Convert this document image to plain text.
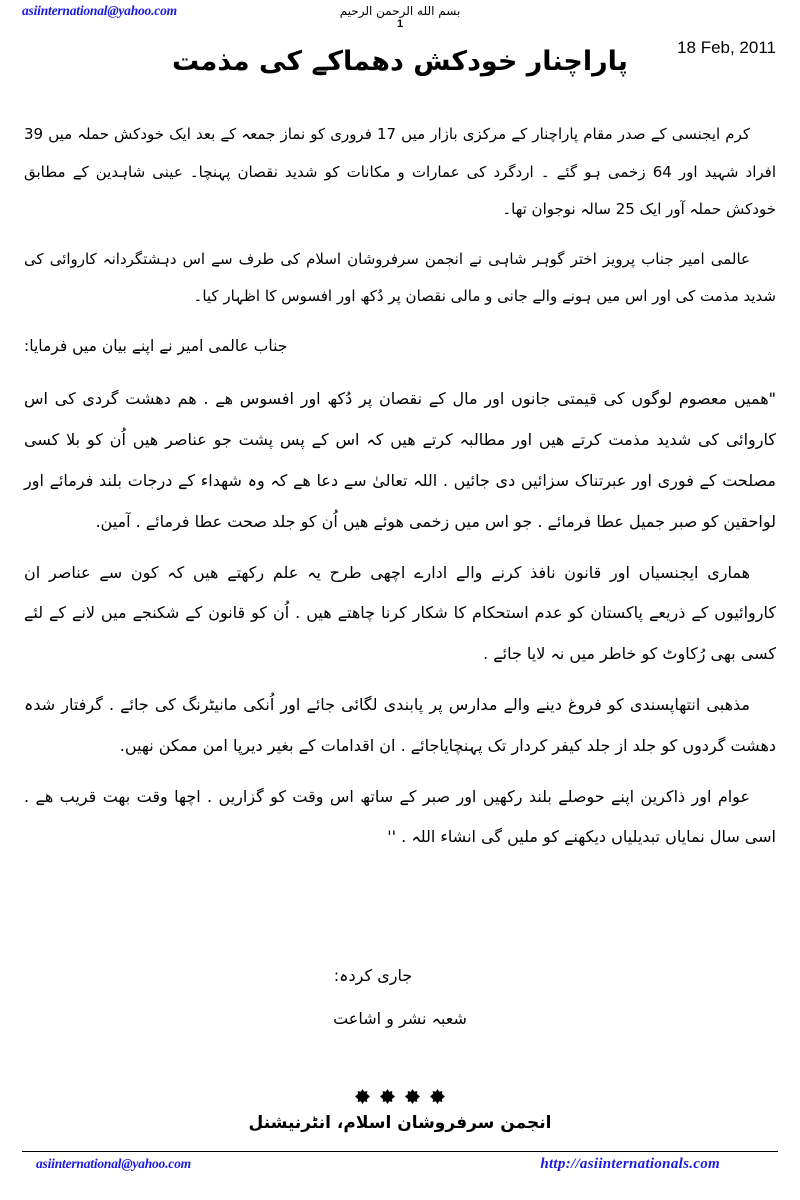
asiinternational@yahoo.com	بسم الله الرحمن الرحيم
1
18 Feb, 2011
پاراچنار خودکش دھماکے کی مذمت

کرم ایجنسی کے صدر مقام پاراچنار کے مرکزی بازار میں 17 فروری کو نماز جمعہ کے بعد ایک خودکش حملہ میں 39 افراد شہید اور 64 زخمی ہو گئے ۔ اردگرد کی عمارات و مکانات کو شدید نقصان پہنچا۔ عینی شاہدین کے مطابق خودکش حملہ آور ایک 25 سالہ نوجوان تھا۔

عالمی امیر جناب پرویز اختر گوہر شاہی نے انجمن سرفروشان اسلام کی طرف سے اس دہشتگردانہ کاروائی کی شدید مذمت کی اور اس میں ہونے والے جانی و مالی نقصان پر دُکھ اور افسوس کا اظہار کیا۔

جناب عالمی امیر نے اپنے بیان میں فرمایا:

"ھمیں معصوم لوگوں کی قیمتی جانوں اور مال کے نقصان پر دُکھ اور افسوس ھے . ھم دھشت گردی کی اس کاروائی کی شدید مذمت کرتے ھیں اور مطالبہ کرتے ھیں کہ اس کے پس پشت جو عناصر ھیں اُن کو بلا کسی مصلحت کے فوری اور عبرتناک سزائیں دی جائیں . اللہ تعالیٰ سے دعا ھے کہ وہ شھداء کے درجات بلند فرمائے اور لواحقین کو صبر جمیل عطا فرمائے . جو اس میں زخمی ھوئے ھیں اُن کو جلد صحت عطا فرمائے . آمین.

ھماری ایجنسیاں اور قانون نافذ کرنے والے ادارے اچھی طرح یہ علم رکھتے ھیں کہ کون سے عناصر ان کاروائیوں کے ذریعے پاکستان کو عدم استحکام کا شکار کرنا چاھتے ھیں . اُن کو قانون کے شکنجے میں لانے کے لئے کسی بھی رُکاوٹ کو خاطر میں نہ لایا جائے .

مذھبی انتھاپسندی کو فروغ دینے والے مدارس پر پابندی لگائی جائے اور اُنکی مانیٹرنگ کی جائے . گرفتار شدہ دھشت گردوں کو جلد از جلد کیفر کردار تک پہنچایاجائے . ان اقدامات کے بغیر دیرپا امن ممکن نھیں.

عوام اور ذاکرین اپنے حوصلے بلند رکھیں اور صبر کے ساتھ اس وقت کو گزاریں . اچھا وقت بھت قریب ھے . اسی سال نمایاں تبدیلیاں دیکھنے کو ملیں گی انشاء اللہ . ''

جاری کردہ:

شعبہ نشر و اشاعت

انجمن سرفروشان اسلام، انٹرنیشنل
asiinternational@yahoo.com	http://asiinternationals.com
